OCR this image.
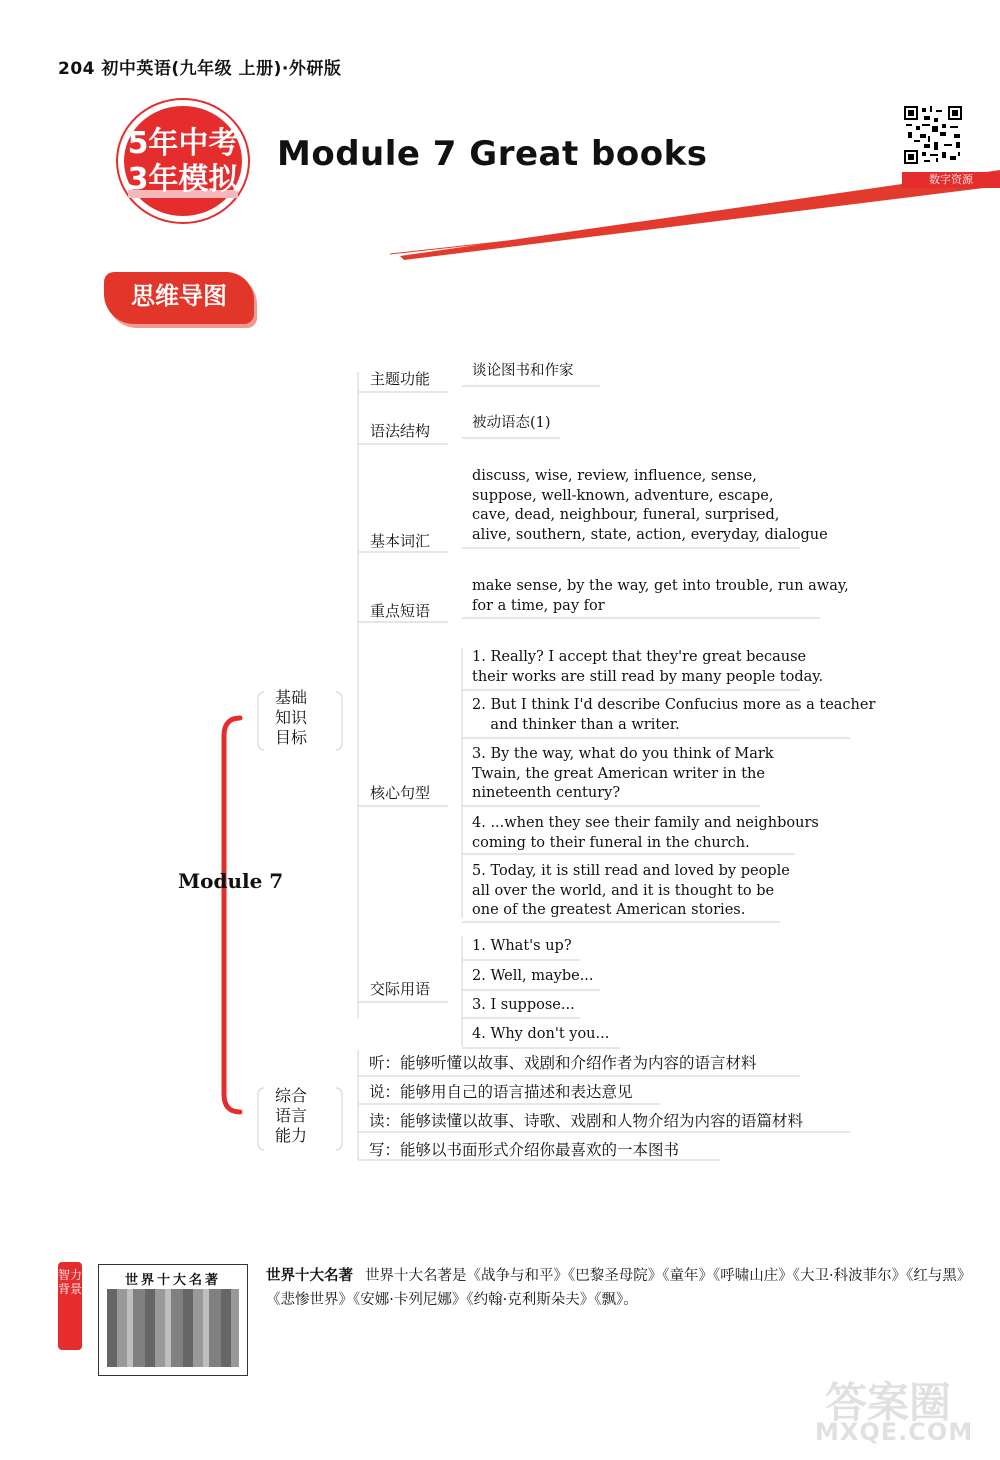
204 初中英语(九年级 上册)·外研版
5年中考
3年模拟
Module 7 Great books
数字资源
思维导图
Module 7
基础知识目标
综合语言能力
主题功能
语法结构
基本词汇
重点短语
核心句型
交际用语
谈论图书和作家
被动语态(1)
discuss, wise, review, influence, sense,
suppose, well-known, adventure, escape,
cave, dead, neighbour, funeral, surprised,
alive, southern, state, action, everyday, dialogue
make sense, by the way, get into trouble, run away,
for a time, pay for
1. Really? I accept that they're great because
their works are still read by many people today.
2. But I think I'd describe Confucius more as a teacher
and thinker than a writer.
3. By the way, what do you think of Mark
Twain, the great American writer in the
nineteenth century?
4. ...when they see their family and neighbours
coming to their funeral in the church.
5. Today, it is still read and loved by people
all over the world, and it is thought to be
one of the greatest American stories.
1. What's up?
2. Well, maybe...
3. I suppose...
4. Why don't you...
听：能够听懂以故事、戏剧和介绍作者为内容的语言材料
说：能够用自己的语言描述和表达意见
读：能够读懂以故事、诗歌、戏剧和人物介绍为内容的语篇材料
写：能够以书面形式介绍你最喜欢的一本图书
智力背景
世界十大名著	世界十大名著 世界十大名著是《战争与和平》《巴黎圣母院》《童年》《呼啸山庄》《大卫·科波菲尔》《红与黑》《悲惨世界》《安娜·卡列尼娜》《约翰·克利斯朵夫》《飘》。
答案圈
MXQE.COM
